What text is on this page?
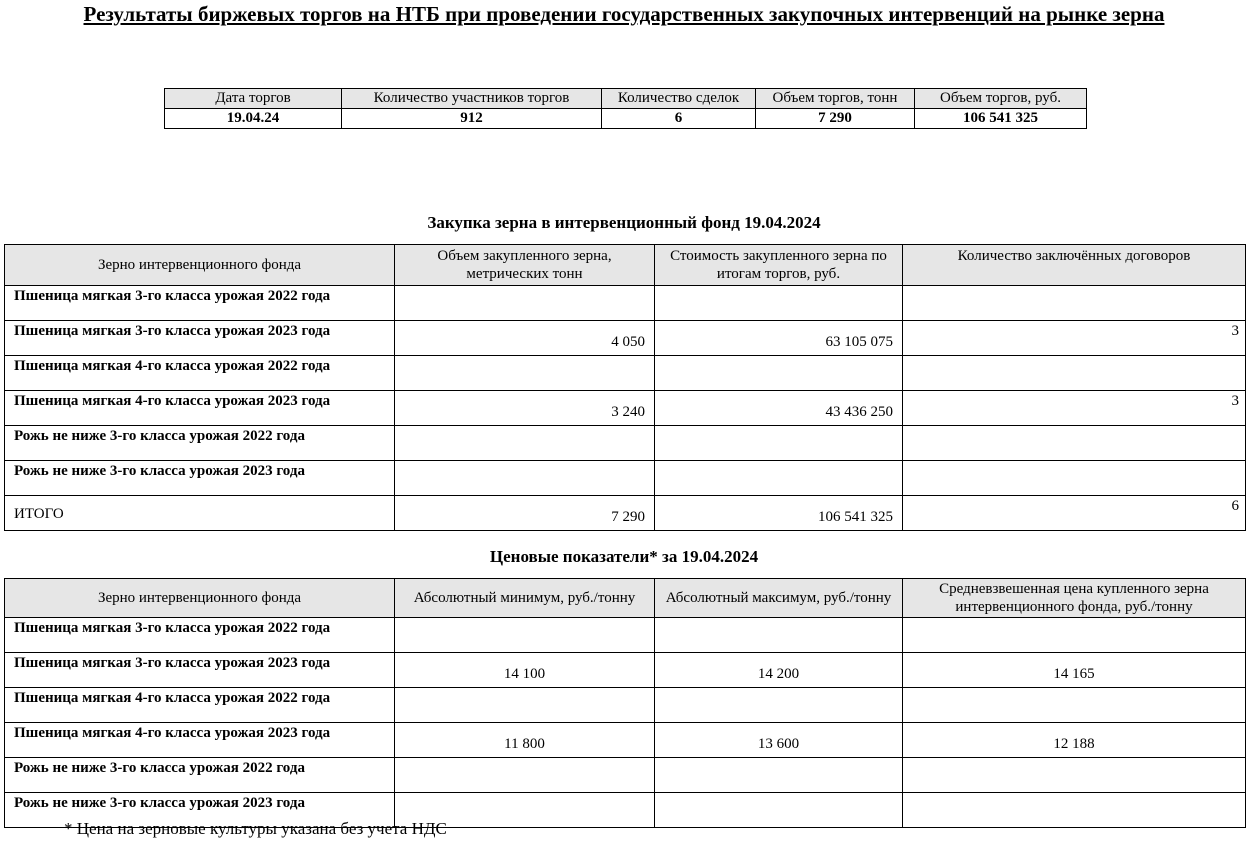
Результаты биржевых торгов на НТБ при проведении государственных закупочных интервенций на рынке зерна
Дата торгов	Количество участников торгов	Количество сделок	Объем торгов, тонн	Объем торгов, руб.
19.04.24	912	6	7 290	106 541 325
Закупка зерна в интервенционный фонд 19.04.2024
Зерно интервенционного фонда	Объем закупленного зерна, метрических тонн	Стоимость закупленного зерна по итогам торгов, руб.	Количество заключённых договоров
Пшеница мягкая 3-го класса урожая 2022 года			
Пшеница мягкая 3-го класса урожая 2023 года	4 050	63 105 075	3
Пшеница мягкая 4-го класса урожая 2022 года			
Пшеница мягкая 4-го класса урожая 2023 года	3 240	43 436 250	3
Рожь не ниже 3-го класса урожая 2022 года			
Рожь не ниже 3-го класса урожая 2023 года			
ИТОГО	7 290	106 541 325	6
Ценовые показатели* за 19.04.2024
Зерно интервенционного фонда	Абсолютный минимум, руб./тонну	Абсолютный максимум, руб./тонну	Средневзвешенная цена купленного зерна интервенционного фонда, руб./тонну
Пшеница мягкая 3-го класса урожая 2022 года			
Пшеница мягкая 3-го класса урожая 2023 года	14 100	14 200	14 165
Пшеница мягкая 4-го класса урожая 2022 года			
Пшеница мягкая 4-го класса урожая 2023 года	11 800	13 600	12 188
Рожь не ниже 3-го класса урожая 2022 года			
Рожь не ниже 3-го класса урожая 2023 года			
* Цена на зерновые культуры указана без учета НДС
